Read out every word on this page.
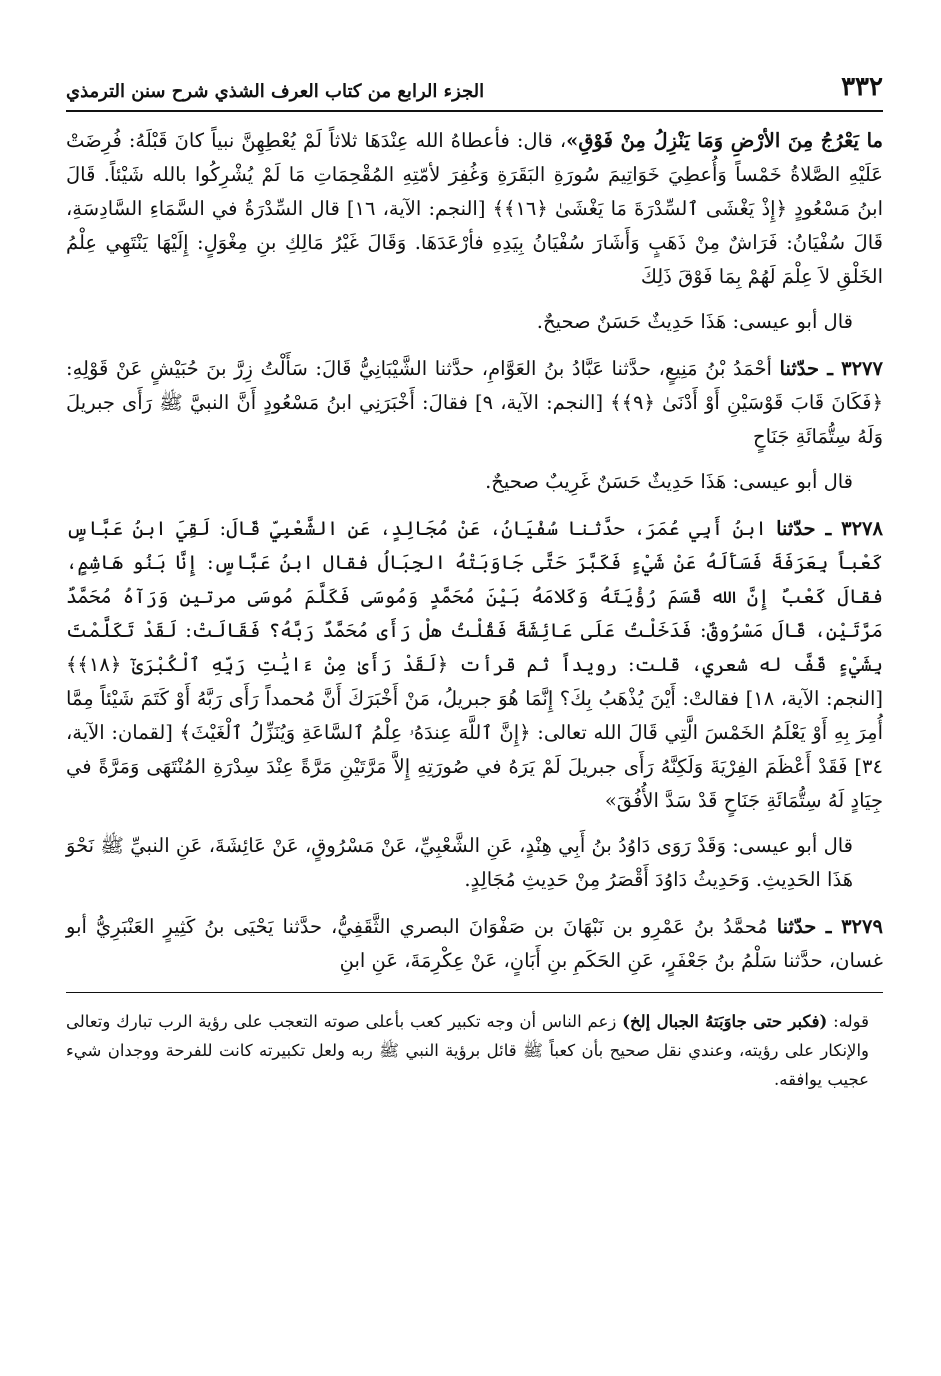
٣٣٢
الجزء الرابع من كتاب العرف الشذي شرح سنن الترمذي

ما يَعْرُجُ مِنَ الأرْضِ وَمَا يَنْزِلُ مِنْ فَوْقِ»، قال: فأعطاهُ الله عِنْدَهَا ثلاثاً لَمْ يُعْطِهِنَّ نبياً كانَ قَبْلَهُ: فُرِضَتْ عَلَيْهِ الصَّلاةُ خَمْساً وَأُعطِيَ خَوَاتِيمَ سُورَةِ البَقَرَةِ وَغُفِرَ لأمّتِهِ المُقْحِمَاتِ مَا لَمْ يُشْرِكُوا بالله شَيْئاً. قَالَ ابنُ مَسْعُودٍ ﴿إِذْ يَغْشَى ٱلسِّدْرَةَ مَا يَغْشَىٰ ﴿١٦﴾﴾ [النجم: الآية، ١٦] قال السِّدْرَةُ في السَّمَاءِ السَّادِسَةِ، قَالَ سُفْيَانُ: فَرَاشٌ مِنْ ذَهَبٍ وَأَشَارَ سُفْيَانُ بِيَدِهِ فأرْعَدَهَا. وَقَالَ غَيْرُ مَالِكِ بنِ مِغْوَلٍ: إِلَيْهَا يَنْتَهِي عِلْمُ الخَلْقِ لاَ عِلْمَ لَهُمْ بِمَا فَوْقَ ذَلِكَ

قال أبو عيسى: هَذَا حَدِيثٌ حَسَنٌ صحيحٌ.

٣٢٧٧ ـ حدّثنا أحْمَدُ بْنُ مَنِيعٍ، حدَّثنا عَبَّادُ بنُ العَوَّامِ، حدَّثنا الشَّيْبَانِيُّ قَالَ: سَأَلْتُ زِرَّ بنَ حُبَيْشٍ عَنْ قَوْلِهِ: ﴿فَكَانَ قَابَ قَوْسَيْنِ أَوْ أَدْنَىٰ ﴿٩﴾﴾ [النجم: الآية، ٩] فقالَ: أَخْبَرَنِي ابنُ مَسْعُودٍ أَنَّ النبيَّ ﷺ رَأَى جبريلَ وَلَهُ سِتُّمَائَةِ جَنَاحٍ

قال أبو عيسى: هَذَا حَدِيثٌ حَسَنٌ غَرِيبٌ صحيحٌ.

٣٢٧٨ ـ حدّثنا ابنُ أَبِي عُمَرَ، حدَّثنا سُفْيَانُ، عَنْ مُجَالِدٍ، عَنِ الشَّعْبِيِّ قَالَ: لَقِيَ ابنُ عَبَّاسٍ كَعْباً بِعَرَفَةَ فَسَأَلَهُ عَنْ شَيْءٍ فَكَبَّرَ حَتَّى جَاوَبَتْهُ الجِبَالُ فقال ابنُ عَبَّاسٍ: إِنَّا بَنُو هَاشِمٍ، فقالَ كَعْبٌ إِنَّ الله قَسَمَ رُؤْيَتَهُ وَكَلامَهُ بَيْنَ مُحَمَّدٍ وَمُوسَى فَكَلَّمَ مُوسَى مرتين وَرَآهُ مُحَمَّدٌ مَرَّتَيْنِ، قَالَ مَسْرُوقٌ: فَدَخَلْتُ عَلَى عَائِشَةَ فَقُلْتُ هلْ رَأَى مُحَمَّدٌ رَبَّهُ؟ فَقَالَتْ: لَقَدْ تَكَلَّمْتَ بِشَيْءٍ قَفَّ له شعري، قلت: رويداً ثم قرأت ﴿لَقَدْ رَأَىٰ مِنْ ءَايَٰتِ رَبِّهِ ٱلْكُبْرَىٰٓ ﴿١٨﴾﴾ [النجم: الآية، ١٨] فقالتْ: أَيْنَ يُذْهَبُ بِكَ؟ إِنَّمَا هُوَ جبريلُ، مَنْ أَخْبَرَكَ أَنَّ مُحمداً رَأَى رَبَّهُ أَوْ كَتَمَ شَيْئاً مِمَّا أُمِرَ بِهِ أَوْ يَعْلَمُ الخَمْسَ الَّتِي قَالَ الله تعالى: ﴿إِنَّ ٱللَّهَ عِندَهُۥ عِلْمُ ٱلسَّاعَةِ وَيُنَزِّلُ ٱلْغَيْثَ﴾ [لقمان: الآية، ٣٤] فَقَدْ أَعْظَمَ الفِرْيَةَ وَلَكِنَّهُ رَأَى جبريلَ لَمْ يَرَهُ في صُورَتِهِ إِلاَّ مَرَّتَيْنِ مَرَّةً عِنْدَ سِدْرَةِ المُنْتَهَى وَمَرَّةً في جِيَادٍ لَهُ سِتُّمَائَةِ جَنَاحٍ قَدْ سَدَّ الأُفُقَ»

قال أبو عيسى: وَقَدْ رَوَى دَاوُدُ بنُ أَبِي هِنْدٍ، عَنِ الشَّعْبِيِّ، عَنْ مَسْرُوقٍ، عَنْ عَائِشَةَ، عَنِ النبيِّ ﷺ نَحْوَ هَذَا الحَدِيثِ. وَحَدِيثُ دَاوُدَ أَقْصَرُ مِنْ حَدِيثِ مُجَالِدٍ.

٣٢٧٩ ـ حدّثنا مُحمَّدُ بنُ عَمْرِو بن نَبْهَانَ بن صَفْوَانَ البصري الثَّقَفِيُّ، حدَّثنا يَحْيَى بنُ كَثِيرٍ العَنْبَرِيُّ أبو غسان، حدَّثنا سَلْمُ بنُ جَعْفَرٍ، عَنِ الحَكَمِ بنِ أَبَانٍ، عَنْ عِكْرِمَةَ، عَنِ ابنِ

قوله: (فكبر حتى جاوَبَتهُ الجبال إلخ) زعم الناس أن وجه تكبير كعب بأعلى صوته التعجب على رؤية الرب تبارك وتعالى والإنكار على رؤيته، وعندي نقل صحيح بأن كعباً ﷺ قائل برؤية النبي ﷺ ربه ولعل تكبيرته كانت للفرحة ووجدان شيء عجيب يوافقه.
